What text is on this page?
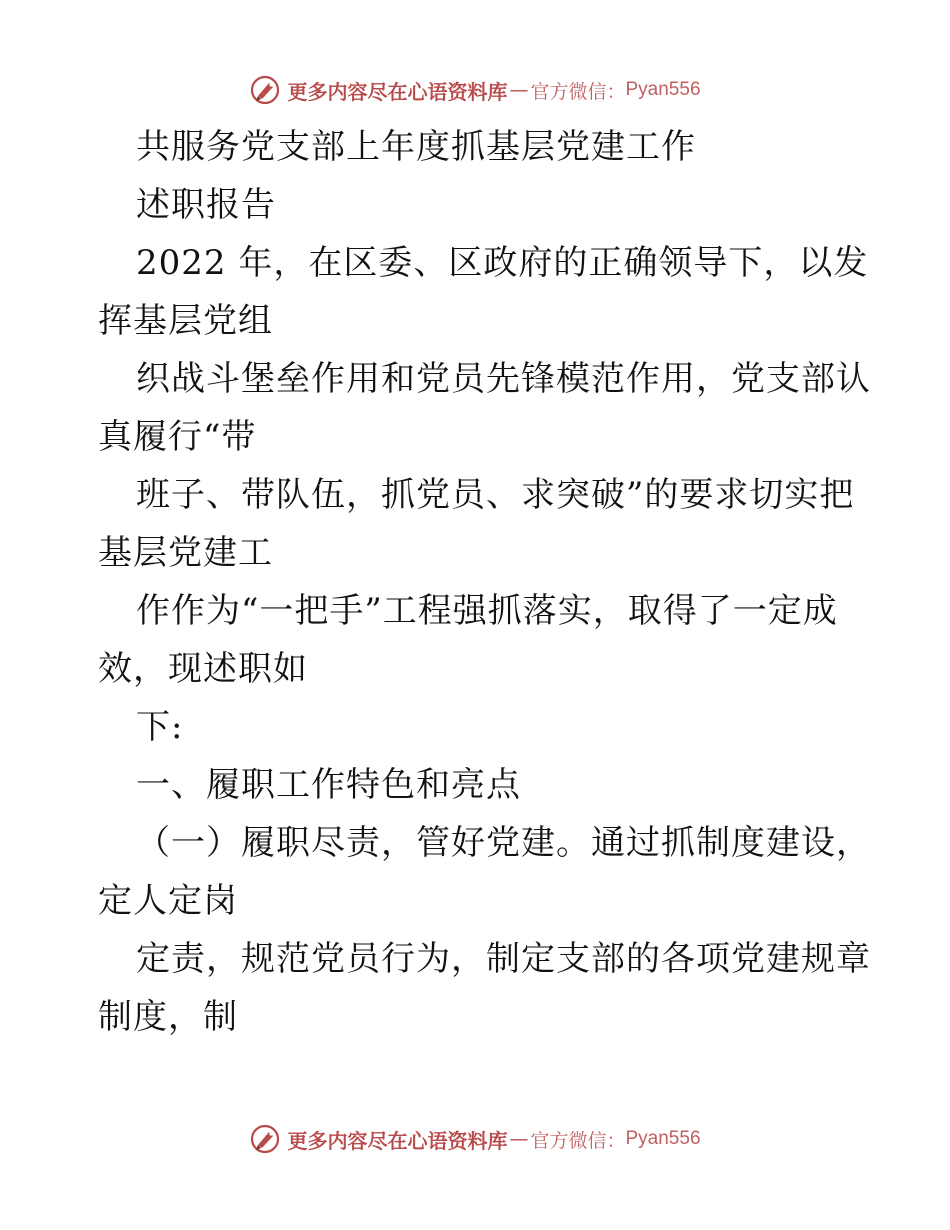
更多内容尽在心语资料库 — 官方微信： Pyan556
共服务党支部上年度抓基层党建工作
述职报告
2022 年，在区委、区政府的正确领导下，以发
挥基层党组
织战斗堡垒作用和党员先锋模范作用，党支部认
真履行“带
班子、带队伍，抓党员、求突破”的要求切实把
基层党建工
作作为“一把手”工程强抓落实，取得了一定成
效，现述职如
下:
一、履职工作特色和亮点
（一）履职尽责，管好党建。通过抓制度建设，
定人定岗
定责，规范党员行为，制定支部的各项党建规章
制度，制
更多内容尽在心语资料库 — 官方微信： Pyan556
